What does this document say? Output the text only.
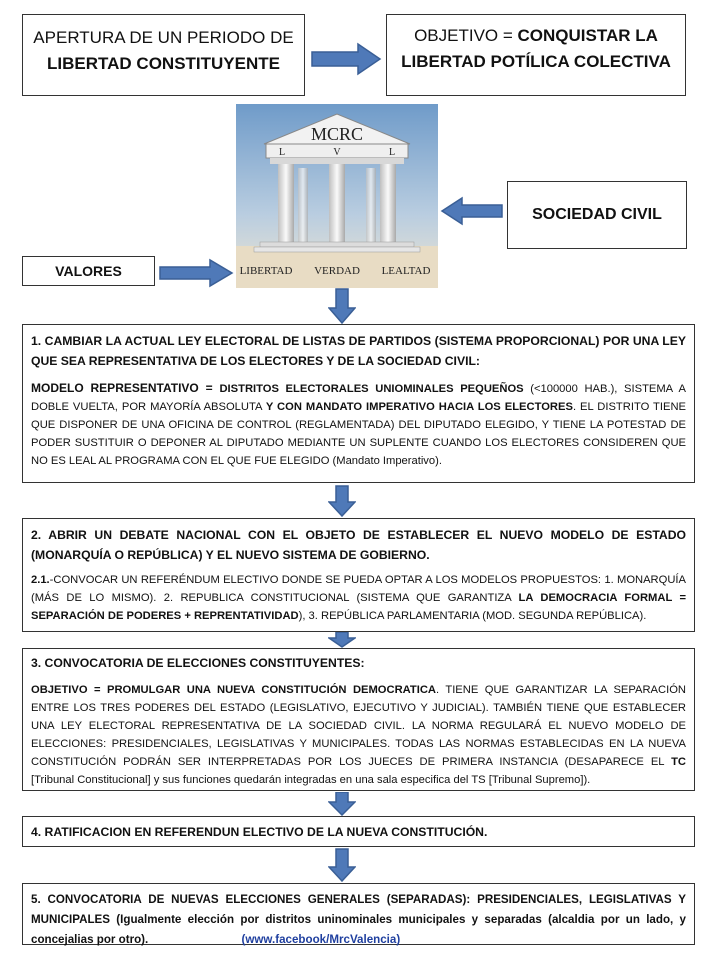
APERTURA DE UN PERIODO DE
LIBERTAD CONSTITUYENTE
OBJETIVO = CONQUISTAR LA
LIBERTAD POTÍLICA COLECTIVA
MCRC
L	V	L
LIBERTAD VERDAD LEALTAD
SOCIEDAD CIVIL
VALORES

1. CAMBIAR LA ACTUAL LEY ELECTORAL DE LISTAS DE PARTIDOS (SISTEMA PROPORCIONAL) POR UNA LEY QUE SEA REPRESENTATIVA DE LOS ELECTORES Y DE LA SOCIEDAD CIVIL:

MODELO REPRESENTATIVO = DISTRITOS ELECTORALES UNIOMINALES PEQUEÑOS (<100000 HAB.), SISTEMA A DOBLE VUELTA, POR MAYORÍA ABSOLUTA Y CON MANDATO IMPERATIVO HACIA LOS ELECTORES. EL DISTRITO TIENE QUE DISPONER DE UNA OFICINA DE CONTROL (REGLAMENTADA) DEL DIPUTADO ELEGIDO, Y TIENE LA POTESTAD DE PODER SUSTITUIR O DEPONER AL DIPUTADO MEDIANTE UN SUPLENTE CUANDO LOS ELECTORES CONSIDEREN QUE NO ES LEAL AL PROGRAMA CON EL QUE FUE ELEGIDO (Mandato Imperativo).

2. ABRIR UN DEBATE NACIONAL CON EL OBJETO DE ESTABLECER EL NUEVO MODELO DE ESTADO (MONARQUÍA O REPÚBLICA) Y EL NUEVO SISTEMA DE GOBIERNO.

2.1.-CONVOCAR UN REFERÉNDUM ELECTIVO DONDE SE PUEDA OPTAR A LOS MODELOS PROPUESTOS: 1. MONARQUÍA (MÁS DE LO MISMO). 2. REPUBLICA CONSTITUCIONAL (SISTEMA QUE GARANTIZA LA DEMOCRACIA FORMAL = SEPARACIÓN DE PODERES + REPRENTATIVIDAD), 3. REPÚBLICA PARLAMENTARIA (MOD. SEGUNDA REPÚBLICA).

3. CONVOCATORIA DE ELECCIONES CONSTITUYENTES:

OBJETIVO = PROMULGAR UNA NUEVA CONSTITUCIÓN DEMOCRATICA. TIENE QUE GARANTIZAR LA SEPARACIÓN ENTRE LOS TRES PODERES DEL ESTADO (LEGISLATIVO, EJECUTIVO Y JUDICIAL). TAMBIÉN TIENE QUE ESTABLECER UNA LEY ELECTORAL REPRESENTATIVA DE LA SOCIEDAD CIVIL. LA NORMA REGULARÁ EL NUEVO MODELO DE ELECCIONES: PRESIDENCIALES, LEGISLATIVAS Y MUNICIPALES. TODAS LAS NORMAS ESTABLECIDAS EN LA NUEVA CONSTITUCIÓN PODRÁN SER INTERPRETADAS POR LOS JUECES DE PRIMERA INSTANCIA (DESAPARECE EL TC [Tribunal Constitucional] y sus funciones quedarán integradas en una sala especifica del TS [Tribunal Supremo]).

4. RATIFICACION EN REFERENDUN ELECTIVO DE LA NUEVA CONSTITUCIÓN.

5. CONVOCATORIA DE NUEVAS ELECCIONES GENERALES (SEPARADAS): PRESIDENCIALES, LEGISLATIVAS Y MUNICIPALES (Igualmente elección por distritos uninominales municipales y separadas (alcaldia por un lado, y concejalias por otro).	(www.facebook/MrcValencia)
